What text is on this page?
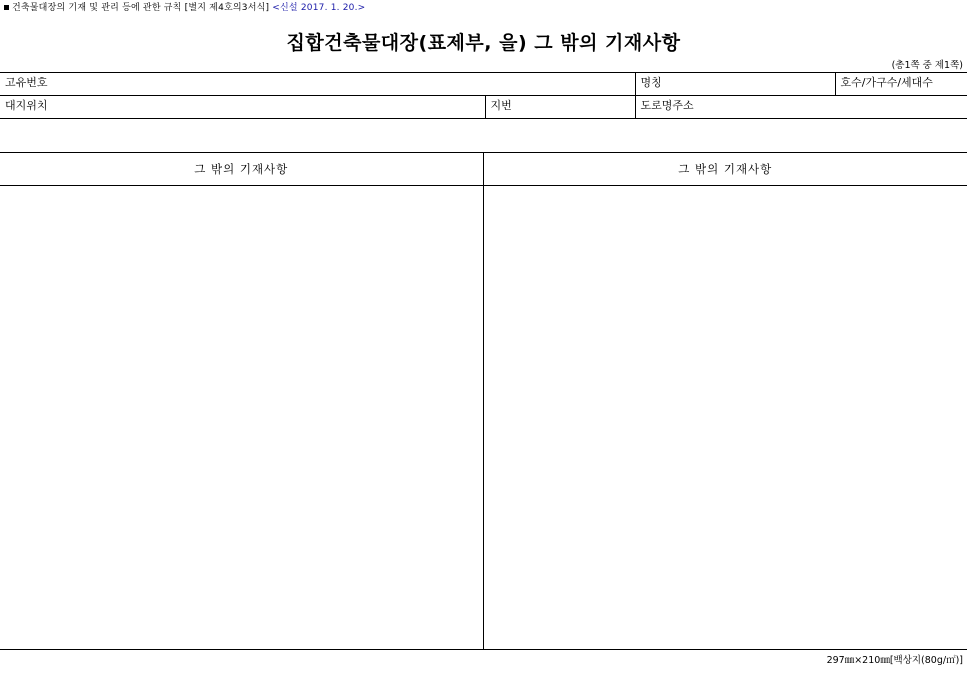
건축물대장의 기재 및 관리 등에 관한 규칙 [별지 제4호의3서식] <신설 2017. 1. 20.>
집합건축물대장(표제부, 을) 그 밖의 기재사항
(총1쪽 중 제1쪽)
고유번호		명칭	호수/가구수/세대수
대지위치	지번	도로명주소	
그 밖의 기재사항	그 밖의 기재사항

297㎜×210㎜[백상지(80g/㎡)]
